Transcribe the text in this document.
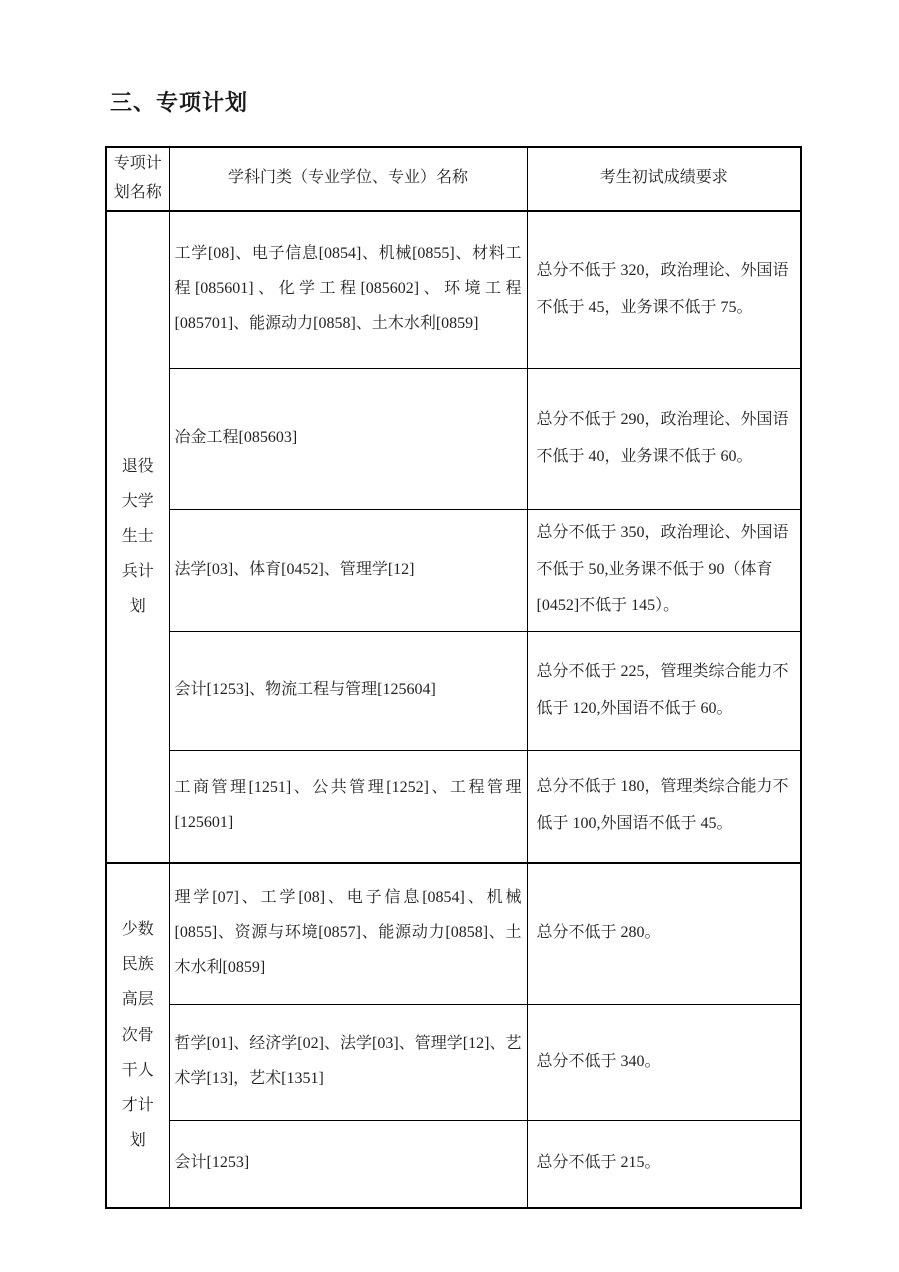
三、专项计划
专项计划名称	学科门类（专业学位、专业）名称	考生初试成绩要求

退役大学生士兵计划	工学[08]、电子信息[0854]、机械[0855]、材料工程[085601]、化学工程[085602]、环境工程[085701]、能源动力[0858]、土木水利[0859]	总分不低于 320，政治理论、外国语不低于 45，业务课不低于 75。
	冶金工程[085603]	总分不低于 290，政治理论、外国语不低于 40，业务课不低于 60。
	法学[03]、体育[0452]、管理学[12]	总分不低于 350，政治理论、外国语不低于 50,业务课不低于 90（体育[0452]不低于 145）。
	会计[1253]、物流工程与管理[125604]	总分不低于 225，管理类综合能力不低于 120,外国语不低于 60。
	工商管理[1251]、公共管理[1252]、工程管理[125601]	总分不低于 180，管理类综合能力不低于 100,外国语不低于 45。

少数民族高层次骨干人才计划	理学[07]、工学[08]、电子信息[0854]、机械[0855]、资源与环境[0857]、能源动力[0858]、土木水利[0859]	总分不低于 280。
	哲学[01]、经济学[02]、法学[03]、管理学[12]、艺术学[13]，艺术[1351]	总分不低于 340。
	会计[1253]	总分不低于 215。
